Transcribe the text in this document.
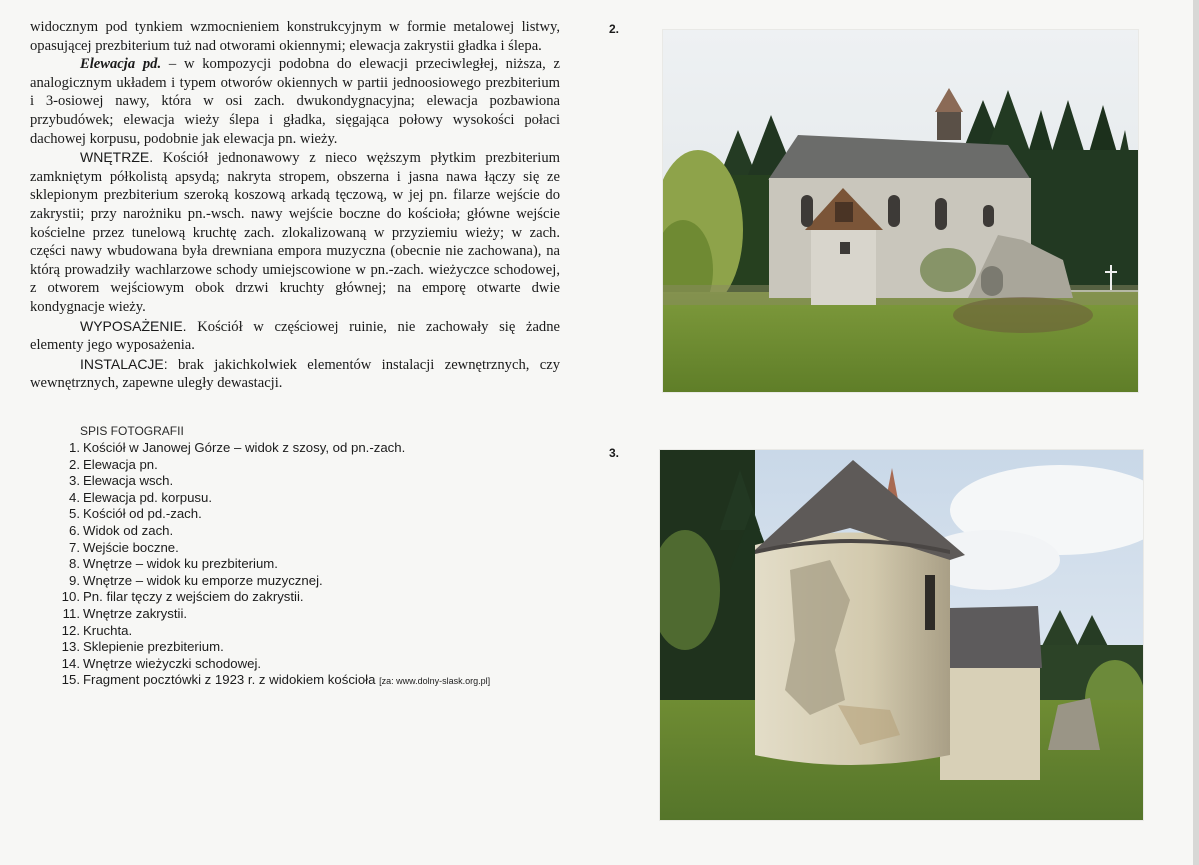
widocznym pod tynkiem wzmocnieniem konstrukcyjnym w formie metalowej listwy, opasującej prezbiterium tuż nad otworami okiennymi; elewacja zakrystii gładka i ślepa.

Elewacja pd. – w kompozycji podobna do elewacji przeciwległej, niższa, z analogicznym układem i typem otworów okiennych w partii jednoosiowego prezbiterium i 3-osiowej nawy, która w osi zach. dwukondygnacyjna; elewacja pozbawiona przybudówek; elewacja wieży ślepa i gładka, sięgająca połowy wysokości połaci dachowej korpusu, podobnie jak elewacja pn. wieży.

WNĘTRZE. Kościół jednonawowy z nieco węższym płytkim prezbiterium zamkniętym półkolistą apsydą; nakryta stropem, obszerna i jasna nawa łączy się ze sklepionym prezbiterium szeroką koszową arkadą tęczową, w jej pn. filarze wejście do zakrystii; przy narożniku pn.-wsch. nawy wejście boczne do kościoła; główne wejście kościelne przez tunelową kruchtę zach. zlokalizowaną w przyziemiu wieży; w zach. części nawy wbudowana była drewniana empora muzyczna (obecnie nie zachowana), na którą prowadziły wachlarzowe schody umiejscowione w pn.-zach. wieżyczce schodowej, z otworem wejściowym obok drzwi kruchty głównej; na emporę otwarte dwie kondygnacje wieży.

WYPOSAŻENIE. Kościół w częściowej ruinie, nie zachowały się żadne elementy jego wyposażenia.

INSTALACJE: brak jakichkolwiek elementów instalacji zewnętrznych, czy wewnętrznych, zapewne uległy dewastacji.

SPIS FOTOGRAFII
1. Kościół w Janowej Górze – widok z szosy, od pn.-zach.
2. Elewacja pn.
3. Elewacja wsch.
4. Elewacja pd. korpusu.
5. Kościół od pd.-zach.
6. Widok od zach.
7. Wejście boczne.
8. Wnętrze – widok ku prezbiterium.
9. Wnętrze – widok ku emporze muzycznej.
10. Pn. filar tęczy z wejściem do zakrystii.
11. Wnętrze zakrystii.
12. Kruchta.
13. Sklepienie prezbiterium.
14. Wnętrze wieżyczki schodowej.
15. Fragment pocztówki z 1923 r. z widokiem kościoła [za: www.dolny-slask.org.pl]
2.
3.
